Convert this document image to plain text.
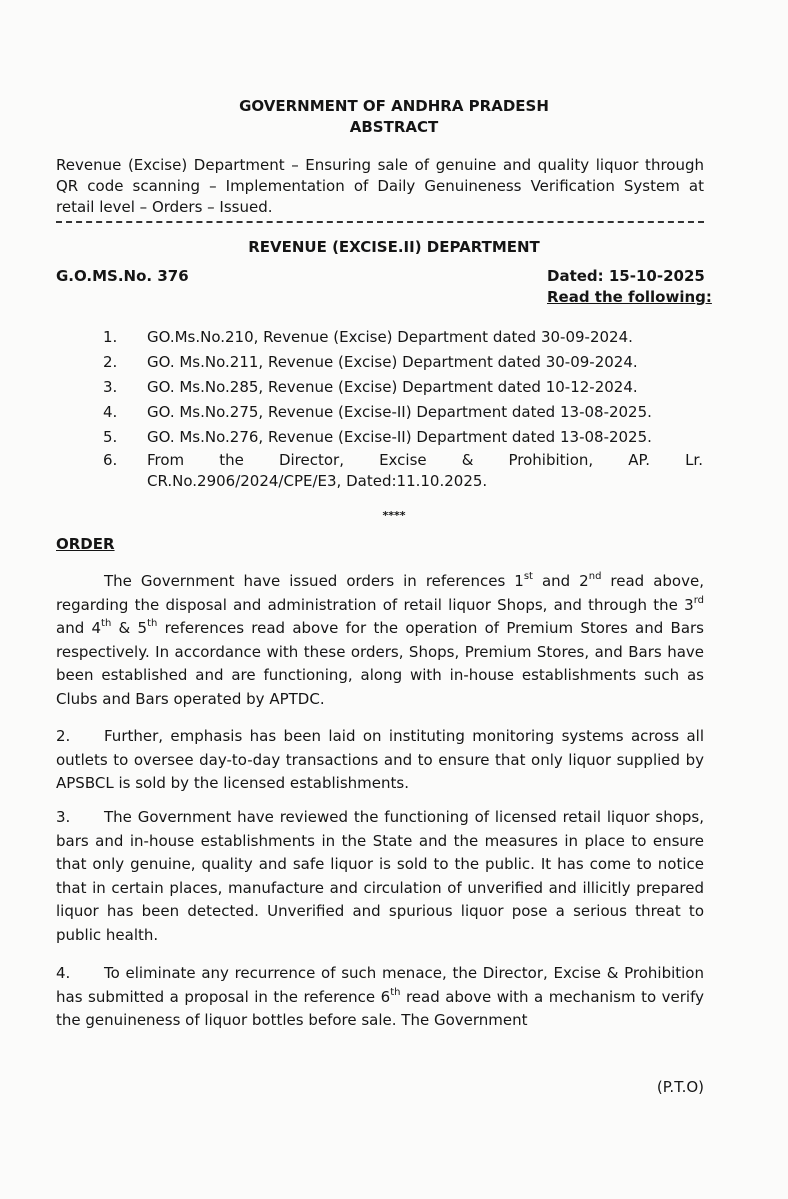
GOVERNMENT OF ANDHRA PRADESH
ABSTRACT
Revenue (Excise) Department – Ensuring sale of genuine and quality liquor through QR code scanning – Implementation of Daily Genuineness Verification System at retail level – Orders – Issued.
REVENUE (EXCISE.II) DEPARTMENT
G.O.MS.No. 376	Dated: 15-10-2025
Read the following:
1.	GO.Ms.No.210, Revenue (Excise) Department dated 30-09-2024.
2.	GO. Ms.No.211, Revenue (Excise) Department dated 30-09-2024.
3.	GO. Ms.No.285, Revenue (Excise) Department dated 10-12-2024.
4.	GO. Ms.No.275, Revenue (Excise-II) Department dated 13-08-2025.
5.	GO. Ms.No.276, Revenue (Excise-II) Department dated 13-08-2025.
6.	From the Director, Excise & Prohibition, AP. Lr.
CR.No.2906/2024/CPE/E3, Dated:11.10.2025.
****
ORDER
The Government have issued orders in references 1st and 2nd read above, regarding the disposal and administration of retail liquor Shops, and through the 3rd and 4th & 5th references read above for the operation of Premium Stores and Bars respectively. In accordance with these orders, Shops, Premium Stores, and Bars have been established and are functioning, along with in-house establishments such as Clubs and Bars operated by APTDC.
2. Further, emphasis has been laid on instituting monitoring systems across all outlets to oversee day-to-day transactions and to ensure that only liquor supplied by APSBCL is sold by the licensed establishments.
3. The Government have reviewed the functioning of licensed retail liquor shops, bars and in-house establishments in the State and the measures in place to ensure that only genuine, quality and safe liquor is sold to the public. It has come to notice that in certain places, manufacture and circulation of unverified and illicitly prepared liquor has been detected. Unverified and spurious liquor pose a serious threat to public health.
4. To eliminate any recurrence of such menace, the Director, Excise & Prohibition has submitted a proposal in the reference 6th read above with a mechanism to verify the genuineness of liquor bottles before sale. The Government
(P.T.O)
